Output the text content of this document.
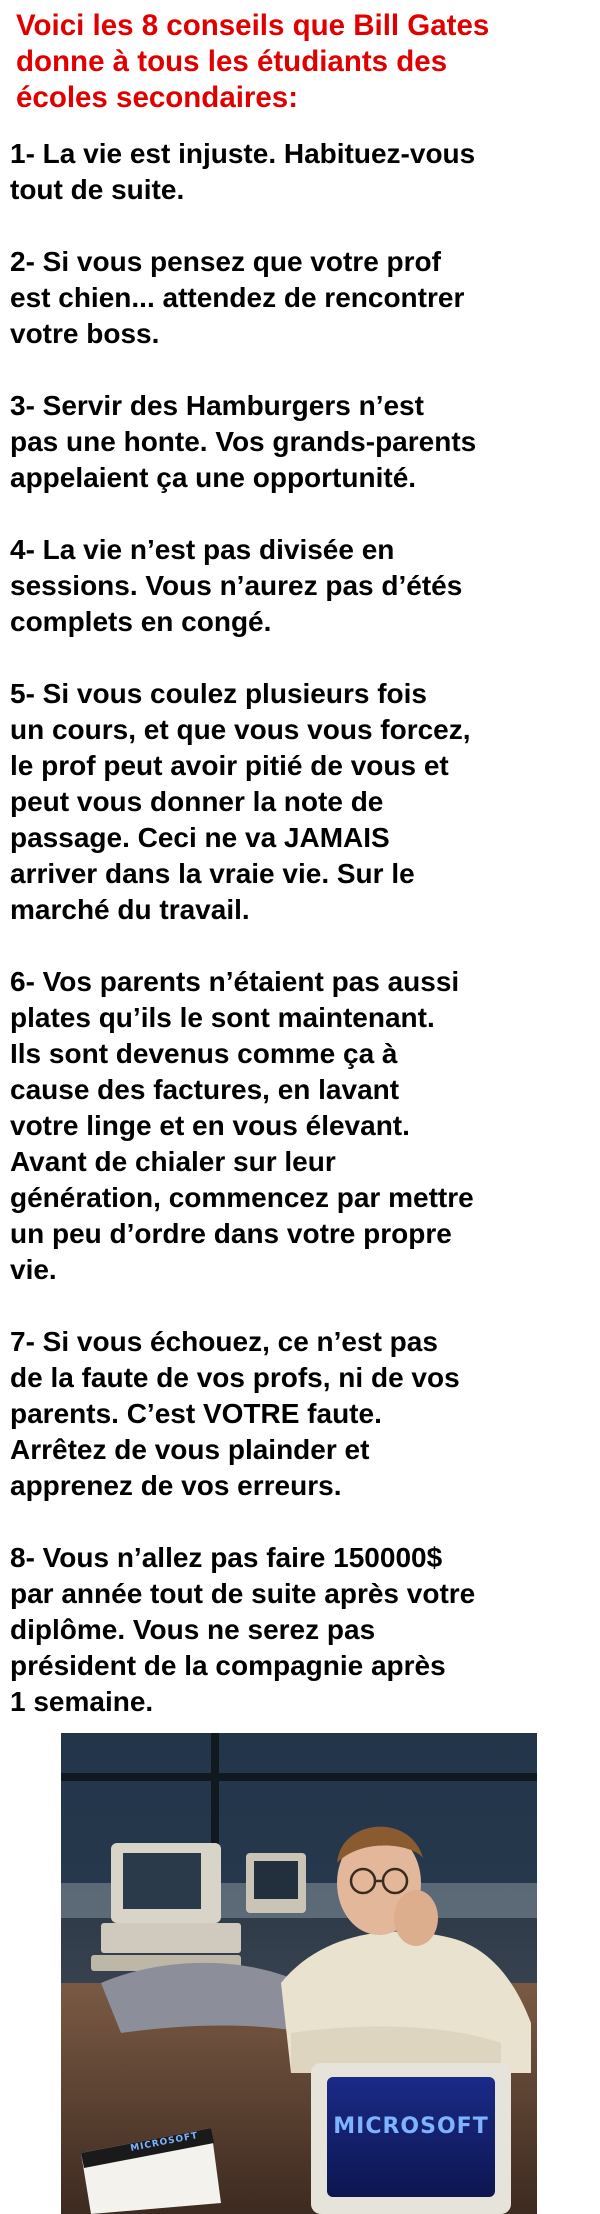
Voici les 8 conseils que Bill Gates
donne à tous les étudiants des
écoles secondaires:
1- La vie est injuste. Habituez-vous
tout de suite.
2- Si vous pensez que votre prof
est chien... attendez de rencontrer
votre boss.
3- Servir des Hamburgers n’est
pas une honte. Vos grands-parents
appelaient ça une opportunité.
4- La vie n’est pas divisée en
sessions. Vous n’aurez pas d’étés
complets en congé.
5- Si vous coulez plusieurs fois
un cours, et que vous vous forcez,
le prof peut avoir pitié de vous et
peut vous donner la note de
passage. Ceci ne va JAMAIS
arriver dans la vraie vie. Sur le
marché du travail.
6- Vos parents n’étaient pas aussi
plates qu’ils le sont maintenant.
Ils sont devenus comme ça à
cause des factures, en lavant
votre linge et en vous élevant.
Avant de chialer sur leur
génération, commencez par mettre
un peu d’ordre dans votre propre
vie.
7- Si vous échouez, ce n’est pas
de la faute de vos profs, ni de vos
parents. C’est VOTRE faute.
Arrêtez de vous plainder et
apprenez de vos erreurs.
8- Vous n’allez pas faire 150000$
par année tout de suite après votre
diplôme. Vous ne serez pas
président de la compagnie après
1 semaine.
MICROSOFT
MICROSOFT
